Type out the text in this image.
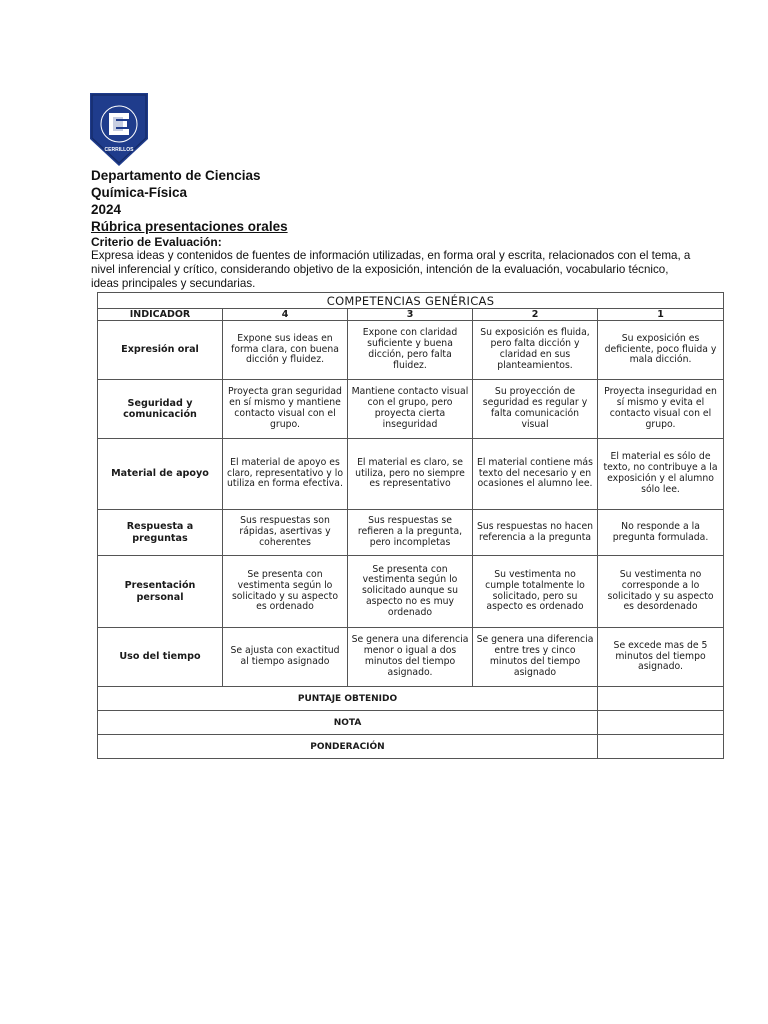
CERRILLOS
Departamento de Ciencias
Química-Física
2024
Rúbrica presentaciones orales
Criterio de Evaluación:
Expresa ideas y contenidos de fuentes de información utilizadas, en forma oral y escrita, relacionados con el tema, a nivel inferencial y crítico, considerando objetivo de la exposición, intención de la evaluación, vocabulario técnico, ideas principales y secundarias.
COMPETENCIAS GENÉRICAS				
INDICADOR	4	3	2	1
Expresión oral	Expone sus ideas en forma clara, con buena dicción y fluidez.	Expone con claridad suficiente y buena dicción, pero falta fluidez.	Su exposición es fluida, pero falta dicción y claridad en sus planteamientos.	Su exposición es deficiente, poco fluida y mala dicción.
Seguridad y comunicación	Proyecta gran seguridad en sí mismo y mantiene contacto visual con el grupo.	Mantiene contacto visual con el grupo, pero proyecta cierta inseguridad	Su proyección de seguridad es regular y falta comunicación visual	Proyecta inseguridad en sí mismo y evita el contacto visual con el grupo.
Material de apoyo	El material de apoyo es claro, representativo y lo utiliza en forma efectiva.	El material es claro, se utiliza, pero no siempre es representativo	El material contiene más texto del necesario y en ocasiones el alumno lee.	El material es sólo de texto, no contribuye a la exposición y el alumno sólo lee.
Respuesta a preguntas	Sus respuestas son rápidas, asertivas y coherentes	Sus respuestas se refieren a la pregunta, pero incompletas	Sus respuestas no hacen referencia a la pregunta	No responde a la pregunta formulada.
Presentación personal	Se presenta con vestimenta según lo solicitado y su aspecto es ordenado	Se presenta con vestimenta según lo solicitado aunque su aspecto no es muy ordenado	Su vestimenta no cumple totalmente lo solicitado, pero su aspecto es ordenado	Su vestimenta no corresponde a lo solicitado y su aspecto es desordenado
Uso del tiempo	Se ajusta con exactitud al tiempo asignado	Se genera una diferencia menor o igual a dos minutos del tiempo asignado.	Se genera una diferencia entre tres y cinco minutos del tiempo asignado	Se excede mas de 5 minutos del tiempo asignado.
PUNTAJE OBTENIDO				
NOTA				
PONDERACIÓN				
